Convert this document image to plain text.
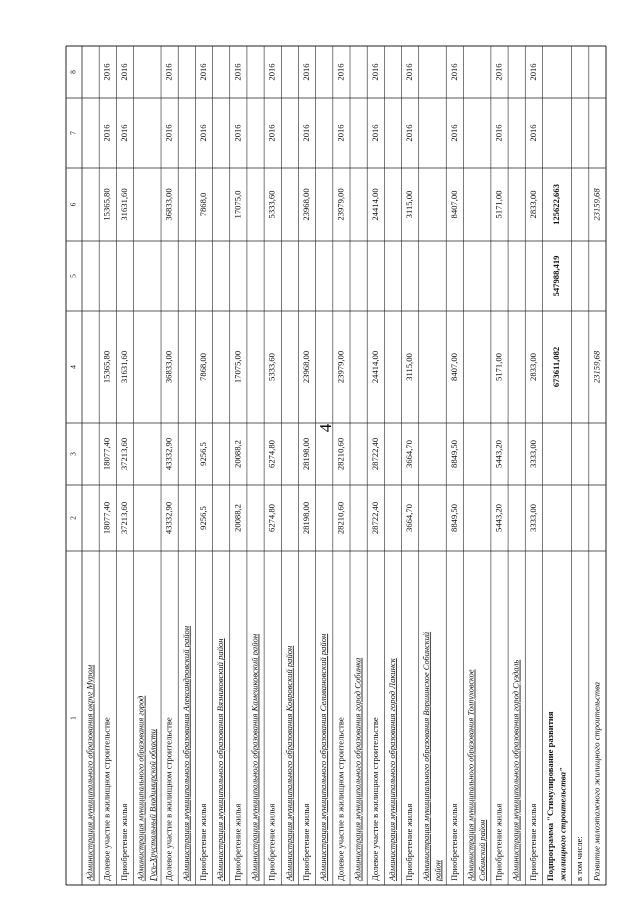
4
1
2
3
4
5
6
7
8
Администрация муниципального образования округ Муром Долевое участие в жилищном строительстве
18077,40
18077,40
15365,80
15365,80
2016
2016
Приобретение жилья
37213,60
37213,60
31631,60
31631,60
2016
2016
Администрация муниципального образования город Гусь-Хрустальный Владимирской области Долевое участие в жилищном строительстве
43332,90
43332,90
36833,00
36833,00
2016
2016
Администрация муниципального образования Александровский район Приобретение жилья
9256,5
9256,5
7868,00
7868,0
2016
2016
Администрация муниципального образования Вязниковский район Приобретение жилья
20088,2
20088,2
17075,00
17075,0
2016
2016
Администрация муниципального образования Камешковский район Приобретение жилья
6274,80
6274,80
5333,60
5333,60
2016
2016
Администрация муниципального образования Ковровский район Приобретение жилья
28198,00
28198,00
23968,00
23968,00
2016
2016
Администрация муниципального образования Селивановский район Долевое участие в жилищном строительстве
28210,60
28210,60
23979,00
23979,00
2016
2016
Администрация муниципального образования город Собинка Долевое участие в жилищном строительстве
28722,40
28722,40
24414,00
24414,00
2016
2016
Администрация муниципального образования город Лакинск Приобретение жилья
3664,70
3664,70
3115,00
3115,00
2016
2016
Администрация муниципального образования Воршинское Собинский район Приобретение жилья
8849,50
8849,50
8407,00
8407,00
2016
2016
Администрация муниципального образования Толпуховское Собинский район Приобретение жилья
5443,20
5443,20
5171,00
5171,00
2016
2016
Администрация муниципального образования город Суздаль Приобретение жилья
3333,00
3333,00
2833,00
2833,00
2016
2016
Подпрограмма "Стимулирование развития жилищного строительства"
673611,082
547988,419
125622,663
в том числе: Развитие малоэтажного жилищного строительства
23159,68
23159,68
